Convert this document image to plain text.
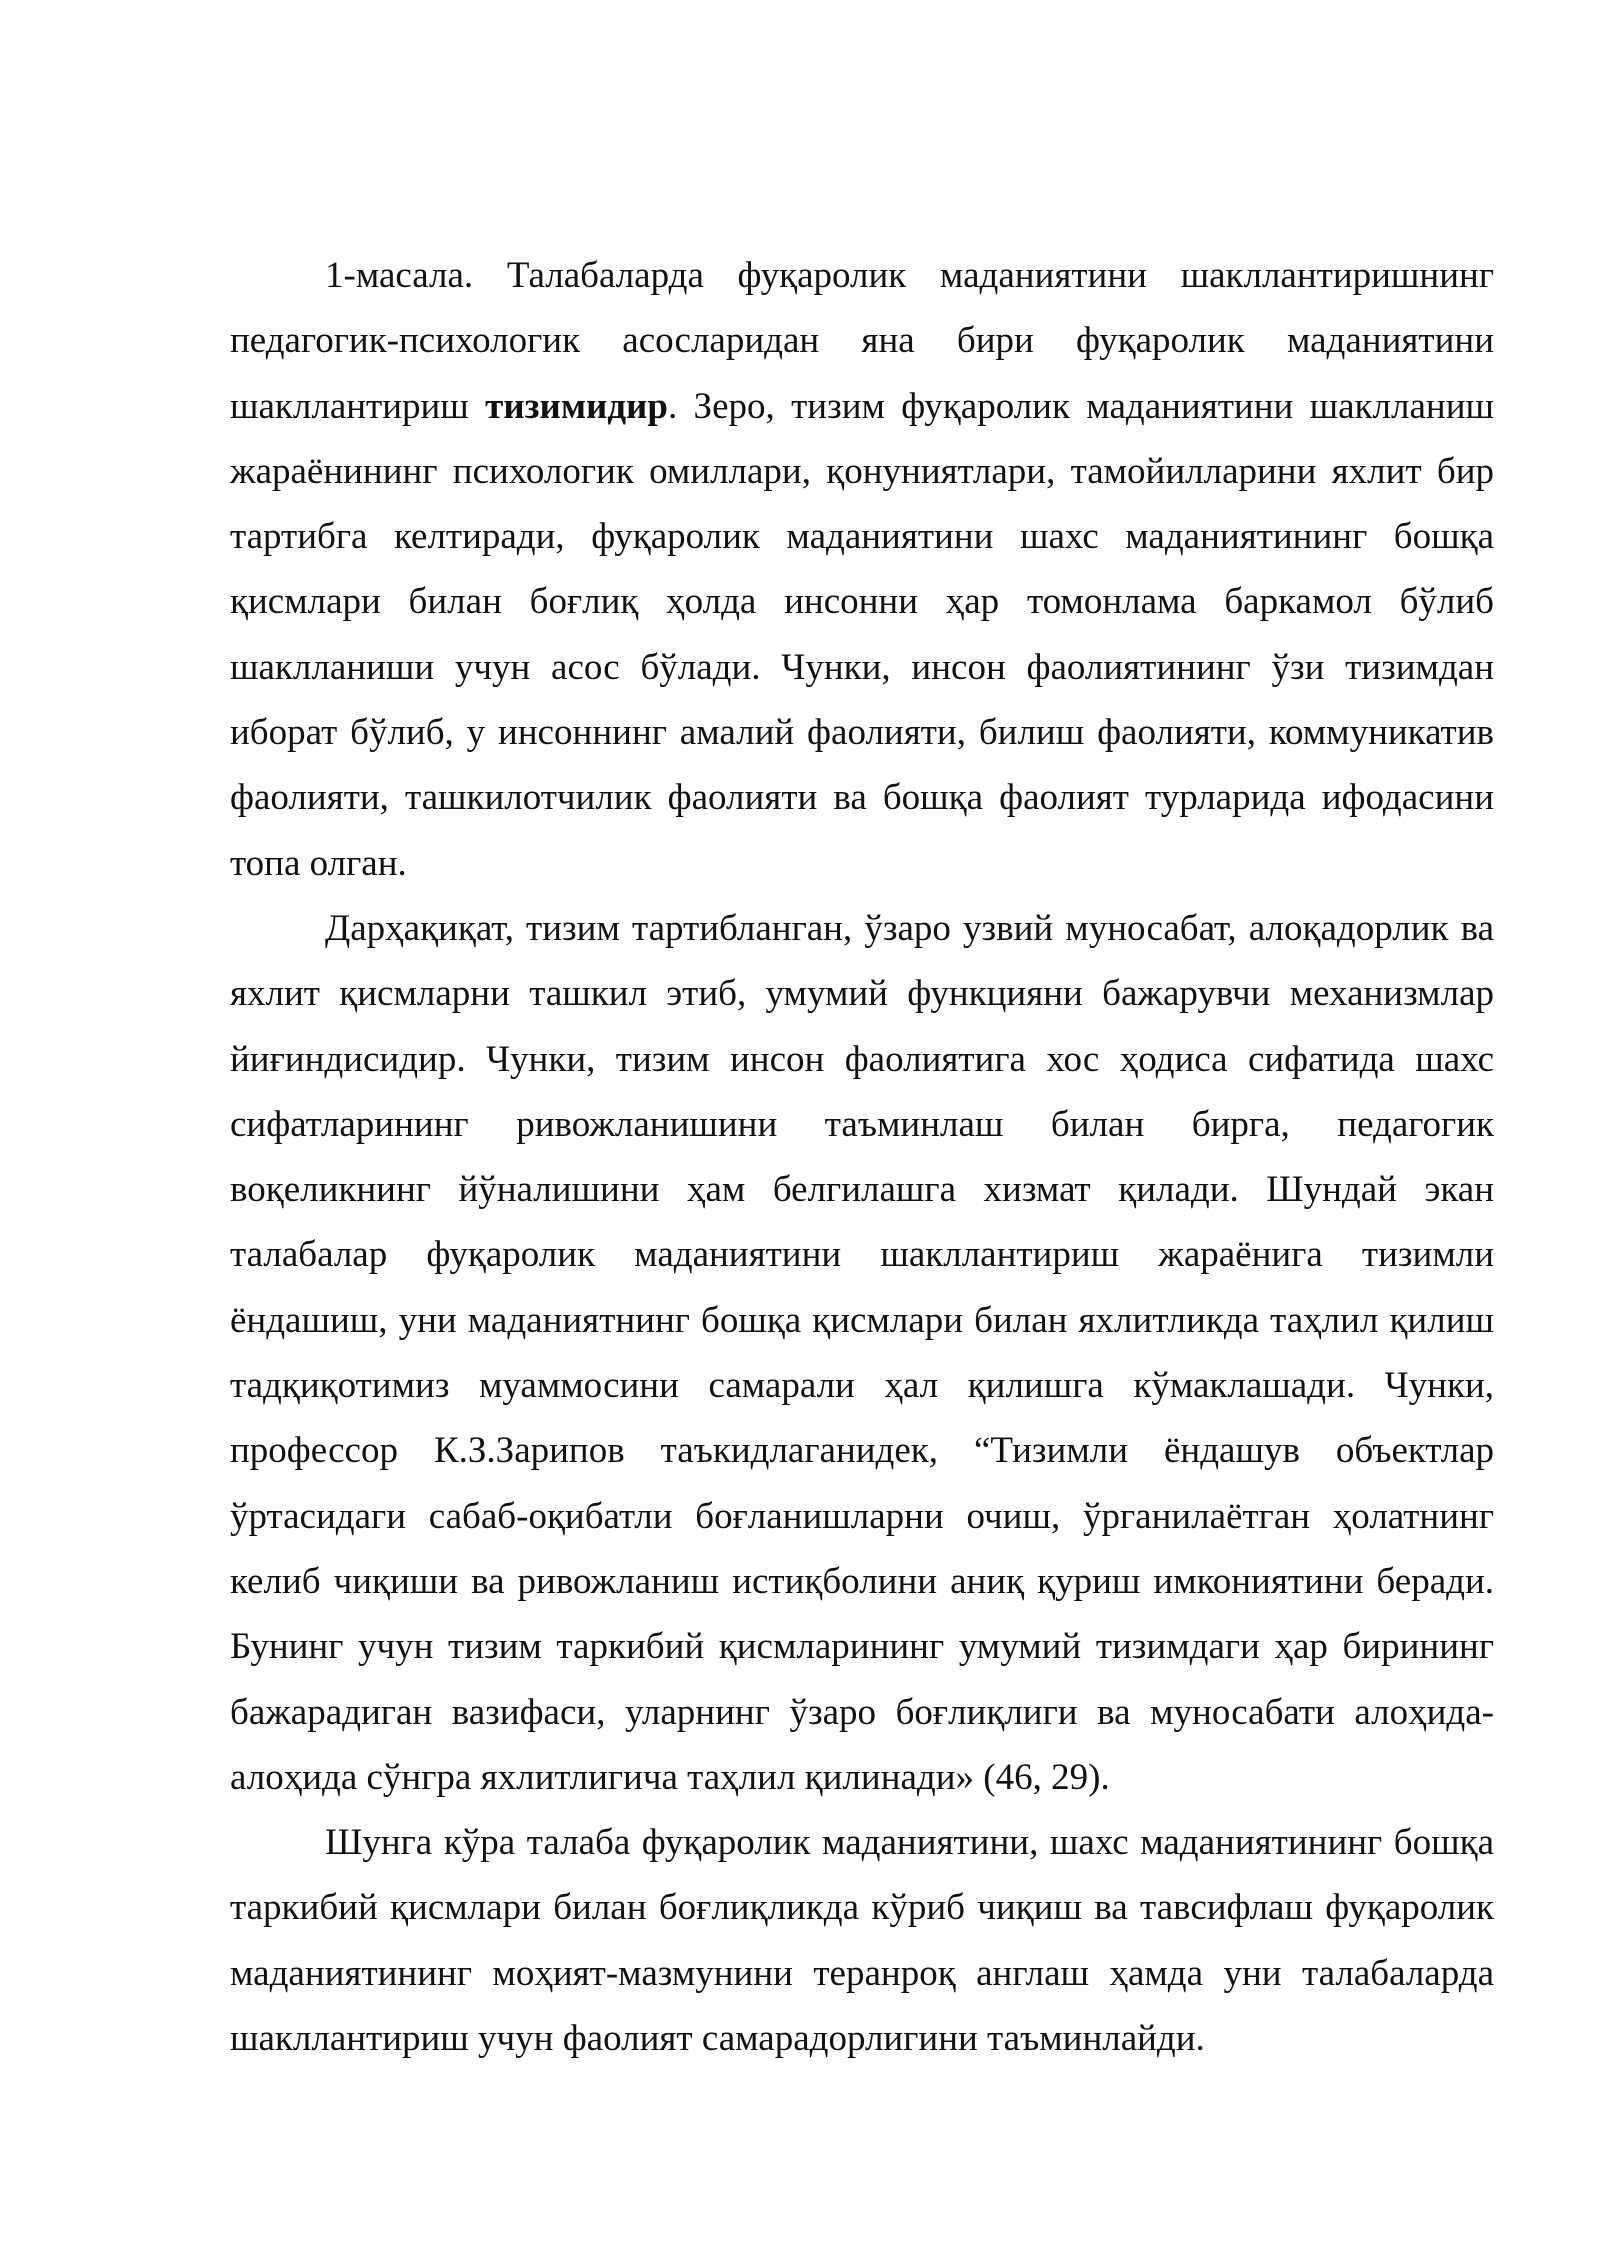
1-масала. Талабаларда фуқаролик маданиятини шакллантиришнинг педагогик-психологик асосларидан яна бири фуқаролик маданиятини шакллантириш тизимидир. Зеро, тизим фуқаролик маданиятини шаклланиш жараёнининг психологик омиллари, қонуниятлари, тамойилларини яхлит бир тартибга келтиради, фуқаролик маданиятини шахс маданиятининг бошқа қисмлари билан боғлиқ ҳолда инсонни ҳар томонлама баркамол бўлиб шаклланиши учун асос бўлади. Чунки, инсон фаолиятининг ўзи тизимдан иборат бўлиб, у инсоннинг амалий фаолияти, билиш фаолияти, коммуникатив фаолияти, ташкилотчилик фаолияти ва бошқа фаолият турларида ифодасини топа олган.

Дарҳақиқат, тизим тартибланган, ўзаро узвий муносабат, алоқадорлик ва яхлит қисмларни ташкил этиб, умумий функцияни бажарувчи механизмлар йиғиндисидир. Чунки, тизим инсон фаолиятига хос ҳодиса сифатида шахс сифатларининг ривожланишини таъминлаш билан бирга, педагогик воқеликнинг йўналишини ҳам белгилашга хизмат қилади. Шундай экан талабалар фуқаролик маданиятини шакллантириш жараёнига тизимли ёндашиш, уни маданиятнинг бошқа қисмлари билан яхлитликда таҳлил қилиш тадқиқотимиз муаммосини самарали ҳал қилишга кўмаклашади. Чунки, профессор К.З.Зарипов таъкидлаганидек, “Тизимли ёндашув объектлар ўртасидаги сабаб-оқибатли боғланишларни очиш, ўрганилаётган ҳолатнинг келиб чиқиши ва ривожланиш истиқболини аниқ қуриш имкониятини беради. Бунинг учун тизим таркибий қисмларининг умумий тизимдаги ҳар бирининг бажарадиган вазифаси, уларнинг ўзаро боғлиқлиги ва муносабати алоҳида-алоҳида сўнгра яхлитлигича таҳлил қилинади» (46, 29).

Шунга кўра талаба фуқаролик маданиятини, шахс маданиятининг бошқа таркибий қисмлари билан боғлиқликда кўриб чиқиш ва тавсифлаш фуқаролик маданиятининг моҳият-мазмунини теранроқ англаш ҳамда уни талабаларда шакллантириш учун фаолият самарадорлигини таъминлайди.
